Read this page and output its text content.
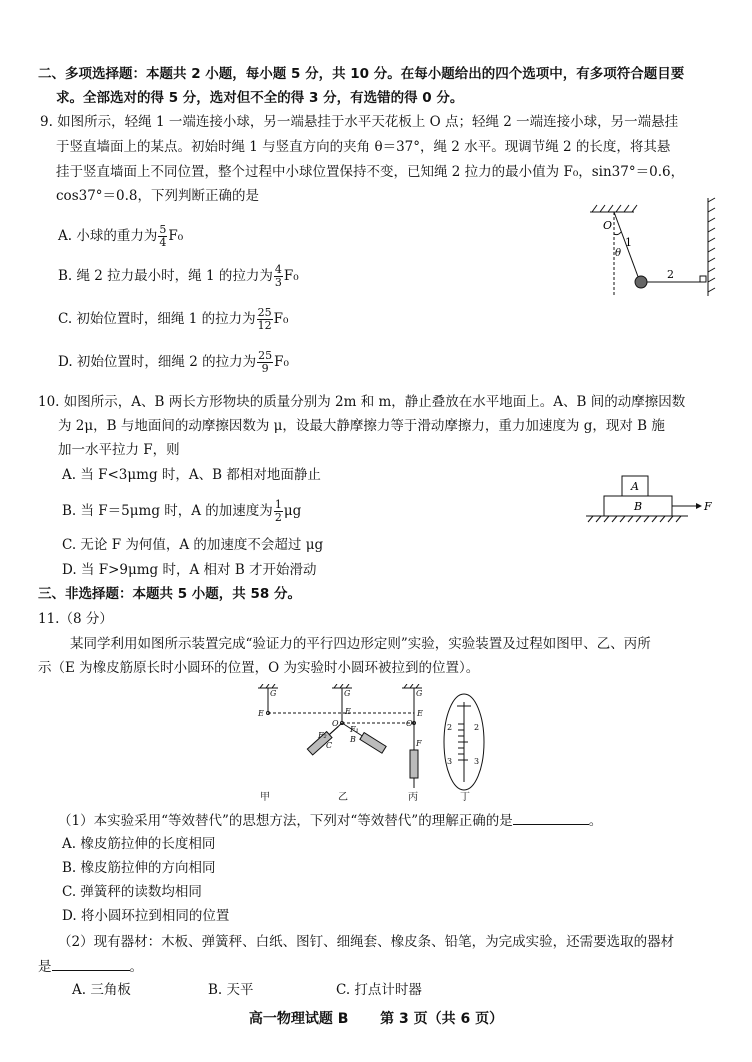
二、多项选择题：本题共 2 小题，每小题 5 分，共 10 分。在每小题给出的四个选项中，有多项符合题目要
求。全部选对的得 5 分，选对但不全的得 3 分，有选错的得 0 分。
9. 如图所示，轻绳 1 一端连接小球，另一端悬挂于水平天花板上 O 点；轻绳 2 一端连接小球，另一端悬挂
于竖直墙面上的某点。初始时绳 1 与竖直方向的夹角 θ＝37°，绳 2 水平。现调节绳 2 的长度，将其悬
挂于竖直墙面上不同位置，整个过程中小球位置保持不变，已知绳 2 拉力的最小值为 F₀，sin37°＝0.6，
cos37°＝0.8，下列判断正确的是
A. 小球的重力为 $\frac{5}{4} F_0$
B. 绳 2 拉力最小时，绳 1 的拉力为 $\frac{4}{3} F_0$
C. 初始位置时，细绳 1 的拉力为 $\frac{25}{12} F_0$
D. 初始位置时，细绳 2 的拉力为 $\frac{25}{9} F_0$
O
1
θ
2
10. 如图所示，A、B 两长方形物块的质量分别为 2m 和 m，静止叠放在水平地面上。A、B 间的动摩擦因数
为 2μ，B 与地面间的动摩擦因数为 μ，设最大静摩擦力等于滑动摩擦力，重力加速度为 g，现对 B 施
加一水平拉力 F，则
A. 当 F<3μmg 时，A、B 都相对地面静止
B. 当 F＝5μmg 时，A 的加速度为 $\frac{1}{2}$ μg
C. 无论 F 为何值，A 的加速度不会超过 μg
D. 当 F>9μmg 时，A 相对 B 才开始滑动
A
B	F
三、非选择题：本题共 5 小题，共 58 分。
11.（8 分）
某同学利用如图所示装置完成“验证力的平行四边形定则”实验，实验装置及过程如图甲、乙、丙所
示（E 为橡皮筋原长时小圆环的位置，O 为实验时小圆环被拉到的位置）。
G	G	G
E	E	E
O	O
F
F₂
F₁
B
C
2	2
3	3
甲	乙	丙	丁
（1）本实验采用“等效替代”的思想方法，下列对“等效替代”的理解正确的是	。
A. 橡皮筋拉伸的长度相同
B. 橡皮筋拉伸的方向相同
C. 弹簧秤的读数均相同
D. 将小圆环拉到相同的位置
（2）现有器材：木板、弹簧秤、白纸、图钉、细绳套、橡皮条、铅笔，为完成实验，还需要选取的器材
是	。
A. 三角板	B. 天平	C. 打点计时器
高一物理试题 B 第 3 页（共 6 页）
